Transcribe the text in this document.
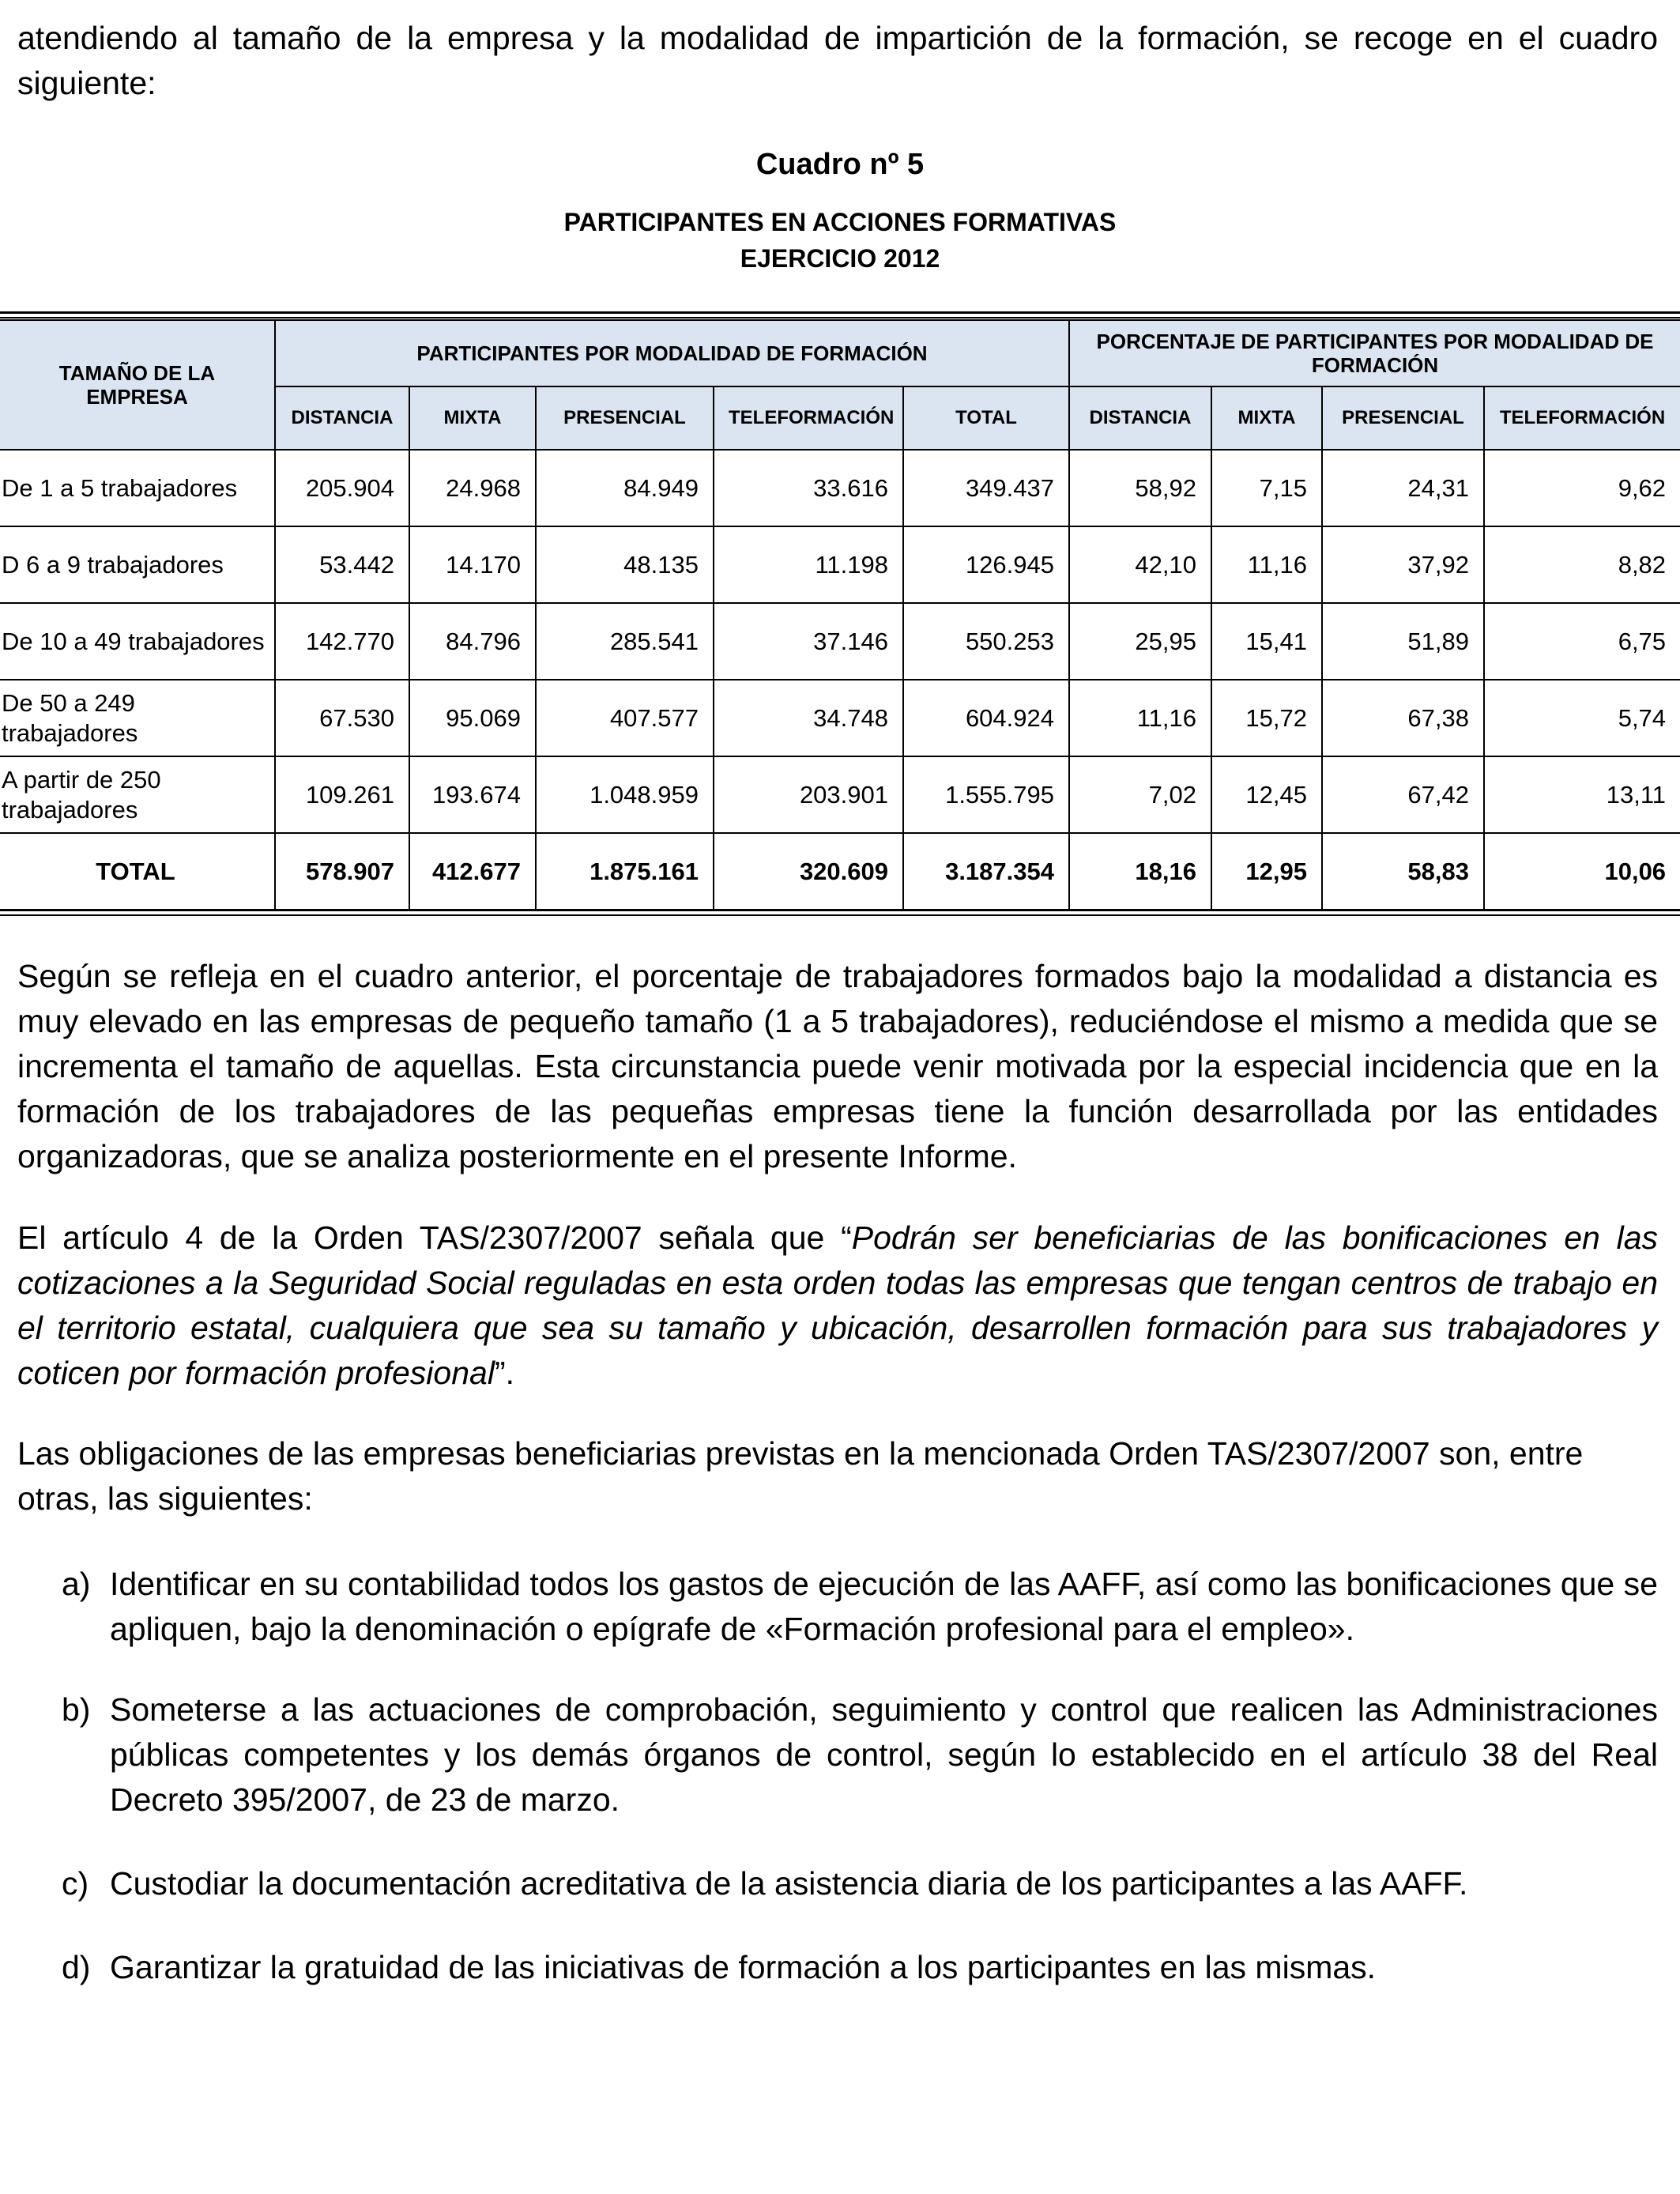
atendiendo al tamaño de la empresa y la modalidad de impartición de la formación, se recoge en el cuadro siguiente:

Cuadro nº 5

PARTICIPANTES EN ACCIONES FORMATIVAS

EJERCICIO 2012

TAMAÑO DE LA EMPRESA	PARTICIPANTES POR MODALIDAD DE FORMACIÓN					PORCENTAJE DE PARTICIPANTES POR MODALIDAD DE FORMACIÓN			
	DISTANCIA	MIXTA	PRESENCIAL	TELEFORMACIÓN	TOTAL	DISTANCIA	MIXTA	PRESENCIAL	TELEFORMACIÓN
De 1 a 5 trabajadores	205.904	24.968	84.949	33.616	349.437	58,92	7,15	24,31	9,62
D 6 a 9 trabajadores	53.442	14.170	48.135	11.198	126.945	42,10	11,16	37,92	8,82
De 10 a 49 trabajadores	142.770	84.796	285.541	37.146	550.253	25,95	15,41	51,89	6,75
De 50 a 249 trabajadores	67.530	95.069	407.577	34.748	604.924	11,16	15,72	67,38	5,74
A partir de 250 trabajadores	109.261	193.674	1.048.959	203.901	1.555.795	7,02	12,45	67,42	13,11
TOTAL	578.907	412.677	1.875.161	320.609	3.187.354	18,16	12,95	58,83	10,06

Según se refleja en el cuadro anterior, el porcentaje de trabajadores formados bajo la modalidad a distancia es muy elevado en las empresas de pequeño tamaño (1 a 5 trabajadores), reduciéndose el mismo a medida que se incrementa el tamaño de aquellas. Esta circunstancia puede venir motivada por la especial incidencia que en la formación de los trabajadores de las pequeñas empresas tiene la función desarrollada por las entidades organizadoras, que se analiza posteriormente en el presente Informe.

El artículo 4 de la Orden TAS/2307/2007 señala que “Podrán ser beneficiarias de las bonificaciones en las cotizaciones a la Seguridad Social reguladas en esta orden todas las empresas que tengan centros de trabajo en el territorio estatal, cualquiera que sea su tamaño y ubicación, desarrollen formación para sus trabajadores y coticen por formación profesional”.

Las obligaciones de las empresas beneficiarias previstas en la mencionada Orden TAS/2307/2007 son, entre otras, las siguientes:

a) Identificar en su contabilidad todos los gastos de ejecución de las AAFF, así como las bonificaciones que se apliquen, bajo la denominación o epígrafe de «Formación profesional para el empleo».
b) Someterse a las actuaciones de comprobación, seguimiento y control que realicen las Administraciones públicas competentes y los demás órganos de control, según lo establecido en el artículo 38 del Real Decreto 395/2007, de 23 de marzo.
c) Custodiar la documentación acreditativa de la asistencia diaria de los participantes a las AAFF.
d) Garantizar la gratuidad de las iniciativas de formación a los participantes en las mismas.
